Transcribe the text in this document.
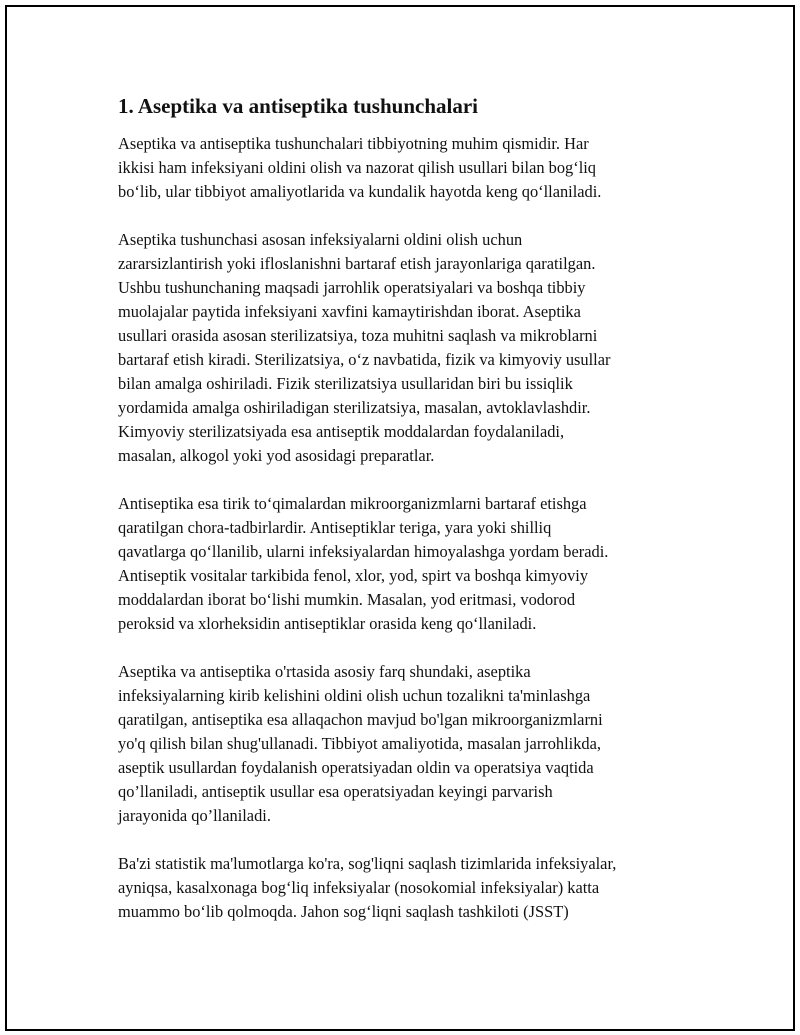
1. Aseptika va antiseptika tushunchalari

Aseptika va antiseptika tushunchalari tibbiyotning muhim qismidir. Har
ikkisi ham infeksiyani oldini olish va nazorat qilish usullari bilan bog‘liq
bo‘lib, ular tibbiyot amaliyotlarida va kundalik hayotda keng qo‘llaniladi.

Aseptika tushunchasi asosan infeksiyalarni oldini olish uchun
zararsizlantirish yoki ifloslanishni bartaraf etish jarayonlariga qaratilgan.
Ushbu tushunchaning maqsadi jarrohlik operatsiyalari va boshqa tibbiy
muolajalar paytida infeksiyani xavfini kamaytirishdan iborat. Aseptika
usullari orasida asosan sterilizatsiya, toza muhitni saqlash va mikroblarni
bartaraf etish kiradi. Sterilizatsiya, o‘z navbatida, fizik va kimyoviy usullar
bilan amalga oshiriladi. Fizik sterilizatsiya usullaridan biri bu issiqlik
yordamida amalga oshiriladigan sterilizatsiya, masalan, avtoklavlashdir.
Kimyoviy sterilizatsiyada esa antiseptik moddalardan foydalaniladi,
masalan, alkogol yoki yod asosidagi preparatlar.

Antiseptika esa tirik to‘qimalardan mikroorganizmlarni bartaraf etishga
qaratilgan chora-tadbirlardir. Antiseptiklar teriga, yara yoki shilliq
qavatlarga qo‘llanilib, ularni infeksiyalardan himoyalashga yordam beradi.
Antiseptik vositalar tarkibida fenol, xlor, yod, spirt va boshqa kimyoviy
moddalardan iborat bo‘lishi mumkin. Masalan, yod eritmasi, vodorod
peroksid va xlorheksidin antiseptiklar orasida keng qo‘llaniladi.

Aseptika va antiseptika o'rtasida asosiy farq shundaki, aseptika
infeksiyalarning kirib kelishini oldini olish uchun tozalikni ta'minlashga
qaratilgan, antiseptika esa allaqachon mavjud bo'lgan mikroorganizmlarni
yo'q qilish bilan shug'ullanadi. Tibbiyot amaliyotida, masalan jarrohlikda,
aseptik usullardan foydalanish operatsiyadan oldin va operatsiya vaqtida
qo’llaniladi, antiseptik usullar esa operatsiyadan keyingi parvarish
jarayonida qo’llaniladi.

Ba'zi statistik ma'lumotlarga ko'ra, sog'liqni saqlash tizimlarida infeksiyalar,
ayniqsa, kasalxonaga bog‘liq infeksiyalar (nosokomial infeksiyalar) katta
muammo bo‘lib qolmoqda. Jahon sog‘liqni saqlash tashkiloti (JSST)
